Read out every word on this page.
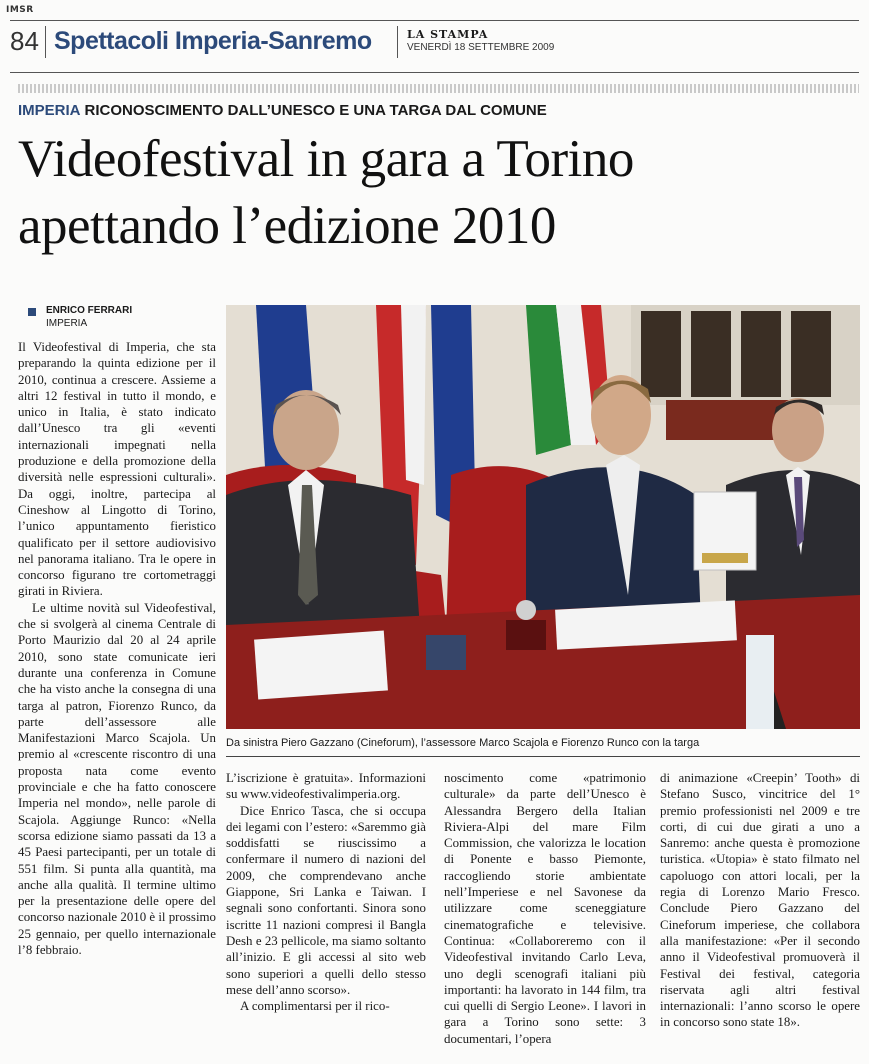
IMSR
84 Spettacoli Imperia-Sanremo	LA STAMPA
VENERDÌ 18 SETTEMBRE 2009
IMPERIA RICONOSCIMENTO DALL’UNESCO E UNA TARGA DAL COMUNE
Videofestival in gara a Torino
apettando l’edizione 2010
ENRICO FERRARI
IMPERIA

Il Videofestival di Imperia, che sta preparando la quinta edizione per il 2010, continua a crescere. Assieme a altri 12 festival in tutto il mondo, e unico in Italia, è stato indicato dall’Unesco tra gli «eventi internazionali impegnati nella produzione e della promozione della diversità nelle espressioni culturali». Da oggi, inoltre, partecipa al Cineshow al Lingotto di Torino, l’unico appuntamento fieristico qualificato per il settore audiovisivo nel panorama italiano. Tra le opere in concorso figurano tre cortometraggi girati in Riviera.

Le ultime novità sul Videofestival, che si svolgerà al cinema Centrale di Porto Maurizio dal 20 al 24 aprile 2010, sono state comunicate ieri durante una conferenza in Comune che ha visto anche la consegna di una targa al patron, Fiorenzo Runco, da parte dell’assessore alle Manifestazioni Marco Scajola. Un premio al «crescente riscontro di una proposta nata come evento provinciale e che ha fatto conoscere Imperia nel mondo», nelle parole di Scajola. Aggiunge Runco: «Nella scorsa edizione siamo passati da 13 a 45 Paesi partecipanti, per un totale di 551 film. Si punta alla quantità, ma anche alla qualità. Il termine ultimo per la presentazione delle opere del concorso nazionale 2010 è il prossimo 25 gennaio, per quello internazionale l’8 febbraio.

Da sinistra Piero Gazzano (Cineforum), l’assessore Marco Scajola e Fiorenzo Runco con la targa

L’iscrizione è gratuita». Informazioni su www.videofestivalimperia.org.

Dice Enrico Tasca, che si occupa dei legami con l’estero: «Saremmo già soddisfatti se riuscissimo a confermare il numero di nazioni del 2009, che comprendevano anche Giappone, Sri Lanka e Taiwan. I segnali sono confortanti. Sinora sono iscritte 11 nazioni compresi il Bangla Desh e 23 pellicole, ma siamo soltanto all’inizio. E gli accessi al sito web sono superiori a quelli dello stesso mese dell’anno scorso».

A complimentarsi per il rico-

noscimento come «patrimonio culturale» da parte dell’Unesco è Alessandra Bergero della Italian Riviera-Alpi del mare Film Commission, che valorizza le location di Ponente e basso Piemonte, raccogliendo storie ambientate nell’Imperiese e nel Savonese da utilizzare come sceneggiature cinematografiche e televisive. Continua: «Collaboreremo con il Videofestival invitando Carlo Leva, uno degli scenografi italiani più importanti: ha lavorato in 144 film, tra cui quelli di Sergio Leone». I lavori in gara a Torino sono sette: 3 documentari, l’opera

di animazione «Creepin’ Tooth» di Stefano Susco, vincitrice del 1° premio professionisti nel 2009 e tre corti, di cui due girati a uno a Sanremo: anche questa è promozione turistica. «Utopia» è stato filmato nel capoluogo con attori locali, per la regia di Lorenzo Mario Fresco. Conclude Piero Gazzano del Cineforum imperiese, che collabora alla manifestazione: «Per il secondo anno il Videofestival promuoverà il Festival dei festival, categoria riservata agli altri festival internazionali: l’anno scorso le opere in concorso sono state 18».
